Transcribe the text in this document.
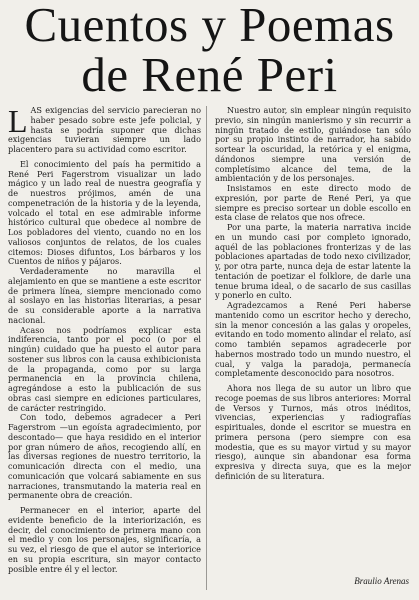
Cuentos y Poemas
de René Peri

LAS exigencias del servicio parecieran no haber pesado sobre este jefe policial, y hasta se podría suponer que dichas exigencias tuvieran siempre un lado placentero para su actividad como escritor.

El conocimiento del país ha permitido a René Peri Fagerstrom visualizar un lado mágico y un lado real de nuestra geografía y de nuestros prójimos, amén de una compenetración de la historia y de la leyenda, volcado el total en ese admirable informe histórico cultural que obedece al nombre de Los pobladores del viento, cuando no en los valiosos conjuntos de relatos, de los cuales citemos: Dioses difuntos, Los bárbaros y los Cuentos de niños y pájaros.

Verdaderamente no maravilla el alejamiento en que se mantiene a este escritor de primera línea, siempre mencionado como al soslayo en las historias literarias, a pesar de su considerable aporte a la narrativa nacional.

Acaso nos podríamos explicar esta indiferencia, tanto por el poco (o por el ningún) cuidado que ha puesto el autor para sostener sus libros con la causa exhibicionista de la propaganda, como por su larga permanencia en la provincia chilena, agregándose a esto la publicación de sus obras casi siempre en ediciones particulares, de carácter restringido.

Con todo, debemos agradecer a Peri Fagerstrom —un egoísta agradecimiento, por descontado— que haya residido en el interior por gran número de años, recogiendo allí, en las diversas regiones de nuestro territorio, la comunicación directa con el medio, una comunicación que volcará sabiamente en sus narraciones, transmutando la materia real en permanente obra de creación.

Permanecer en el interior, aparte del evidente beneficio de la interiorización, es decir, del conocimiento de primera mano con el medio y con los personajes, significaría, a su vez, el riesgo de que el autor se interiorice en su propia escritura, sin mayor contacto posible entre él y el lector.

Nuestro autor, sin emplear ningún requisito previo, sin ningún manierismo y sin recurrir a ningún tratado de estilo, guiándose tan sólo por su propio instinto de narrador, ha sabido sortear la oscuridad, la retórica y el enigma, dándonos siempre una versión de completísimo alcance del tema, de la ambientación y de los personajes.

Insistamos en este directo modo de expresión, por parte de René Peri, ya que siempre es preciso sortear un doble escollo en esta clase de relatos que nos ofrece.

Por una parte, la materia narrativa incide en un mundo casi por completo ignorado, aquél de las poblaciones fronterizas y de las poblaciones apartadas de todo nexo civilizador, y, por otra parte, nunca deja de estar latente la tentación de poetizar el folklore, de darle una tenue bruma ideal, o de sacarlo de sus casillas y ponerlo en culto.

Agradezcamos a René Peri haberse mantenido como un escritor hecho y derecho, sin la menor concesión a las galas y oropeles, evitando en todo momento alindar el relato, así como también sepamos agradecerle por habernos mostrado todo un mundo nuestro, el cual, y valga la paradoja, permanecía completamente desconocido para nosotros.

Ahora nos llega de su autor un libro que recoge poemas de sus libros anteriores: Morral de Versos y Turnos, más otros inéditos, vivencias, experiencias y radiografías espirituales, donde el escritor se muestra en primera persona (pero siempre con esa modestia, que es su mayor virtud y su mayor riesgo), aunque sin abandonar esa forma expresiva y directa suya, que es la mejor definición de su literatura.

Braulio Arenas
